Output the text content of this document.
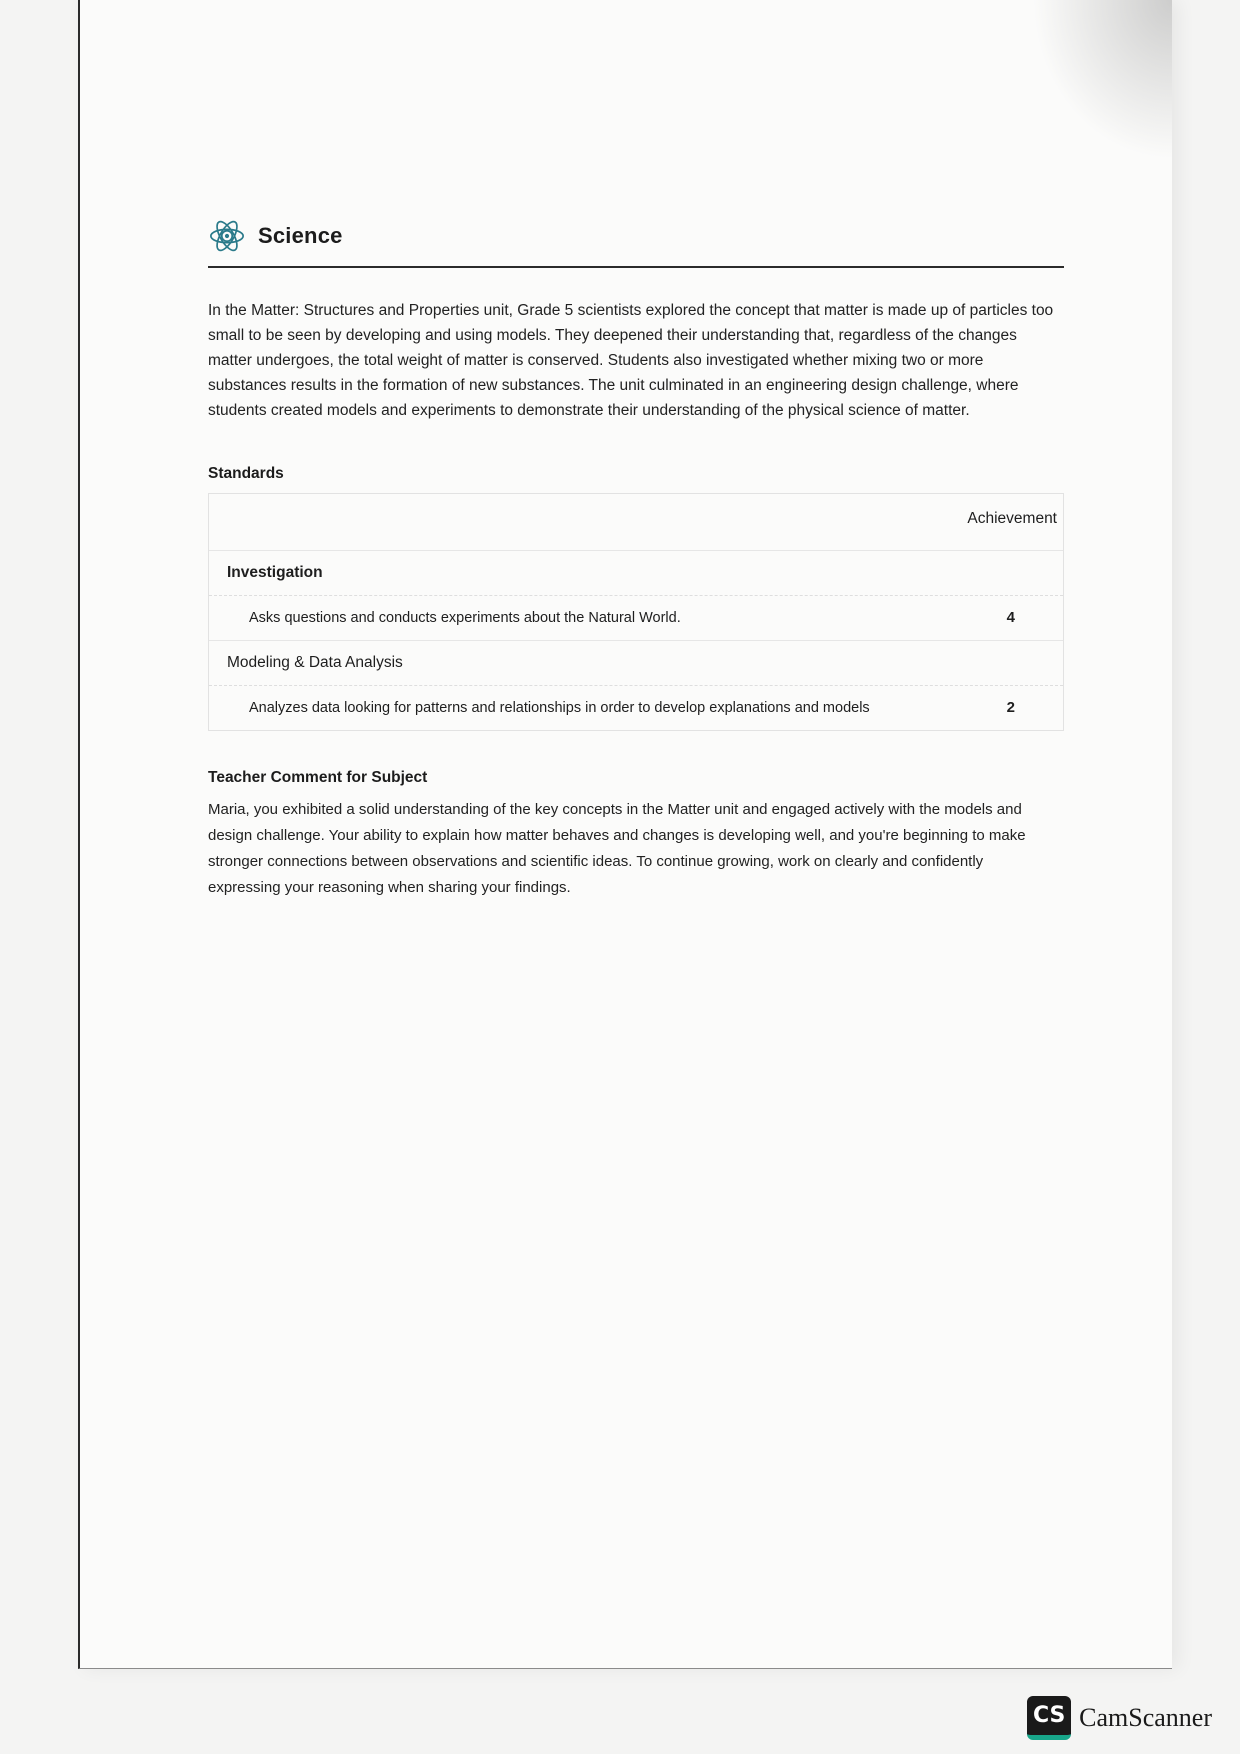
Science
In the Matter: Structures and Properties unit, Grade 5 scientists explored the concept that matter is made up of particles too small to be seen by developing and using models. They deepened their understanding that, regardless of the changes matter undergoes, the total weight of matter is conserved. Students also investigated whether mixing two or more substances results in the formation of new substances. The unit culminated in an engineering design challenge, where students created models and experiments to demonstrate their understanding of the physical science of matter.
Standards
Achievement
Investigation
Asks questions and conducts experiments about the Natural World.	4
Modeling & Data Analysis
Analyzes data looking for patterns and relationships in order to develop explanations and models	2
Teacher Comment for Subject
Maria, you exhibited a solid understanding of the key concepts in the Matter unit and engaged actively with the models and design challenge. Your ability to explain how matter behaves and changes is developing well, and you're beginning to make stronger connections between observations and scientific ideas. To continue growing, work on clearly and confidently expressing your reasoning when sharing your findings.
CS CamScanner
